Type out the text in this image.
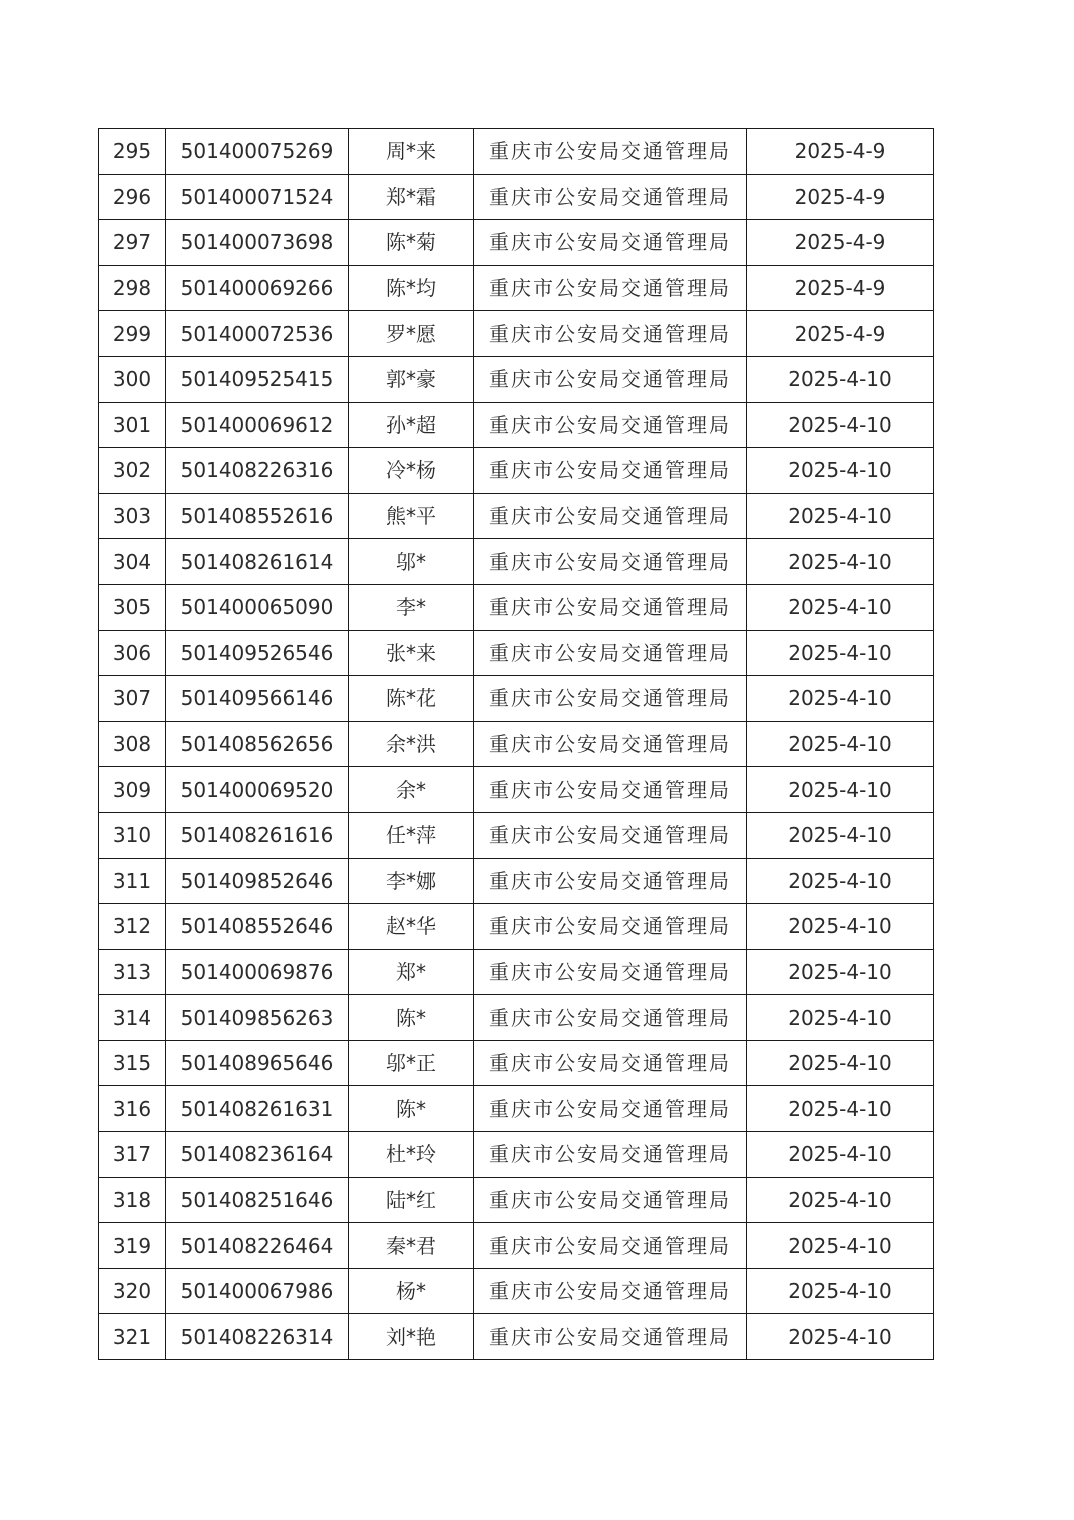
295	501400075269	周*来	重庆市公安局交通管理局	2025-4-9
296	501400071524	郑*霜	重庆市公安局交通管理局	2025-4-9
297	501400073698	陈*菊	重庆市公安局交通管理局	2025-4-9
298	501400069266	陈*均	重庆市公安局交通管理局	2025-4-9
299	501400072536	罗*愿	重庆市公安局交通管理局	2025-4-9
300	501409525415	郭*豪	重庆市公安局交通管理局	2025-4-10
301	501400069612	孙*超	重庆市公安局交通管理局	2025-4-10
302	501408226316	冷*杨	重庆市公安局交通管理局	2025-4-10
303	501408552616	熊*平	重庆市公安局交通管理局	2025-4-10
304	501408261614	邬*	重庆市公安局交通管理局	2025-4-10
305	501400065090	李*	重庆市公安局交通管理局	2025-4-10
306	501409526546	张*来	重庆市公安局交通管理局	2025-4-10
307	501409566146	陈*花	重庆市公安局交通管理局	2025-4-10
308	501408562656	余*洪	重庆市公安局交通管理局	2025-4-10
309	501400069520	余*	重庆市公安局交通管理局	2025-4-10
310	501408261616	任*萍	重庆市公安局交通管理局	2025-4-10
311	501409852646	李*娜	重庆市公安局交通管理局	2025-4-10
312	501408552646	赵*华	重庆市公安局交通管理局	2025-4-10
313	501400069876	郑*	重庆市公安局交通管理局	2025-4-10
314	501409856263	陈*	重庆市公安局交通管理局	2025-4-10
315	501408965646	邬*正	重庆市公安局交通管理局	2025-4-10
316	501408261631	陈*	重庆市公安局交通管理局	2025-4-10
317	501408236164	杜*玲	重庆市公安局交通管理局	2025-4-10
318	501408251646	陆*红	重庆市公安局交通管理局	2025-4-10
319	501408226464	秦*君	重庆市公安局交通管理局	2025-4-10
320	501400067986	杨*	重庆市公安局交通管理局	2025-4-10
321	501408226314	刘*艳	重庆市公安局交通管理局	2025-4-10
